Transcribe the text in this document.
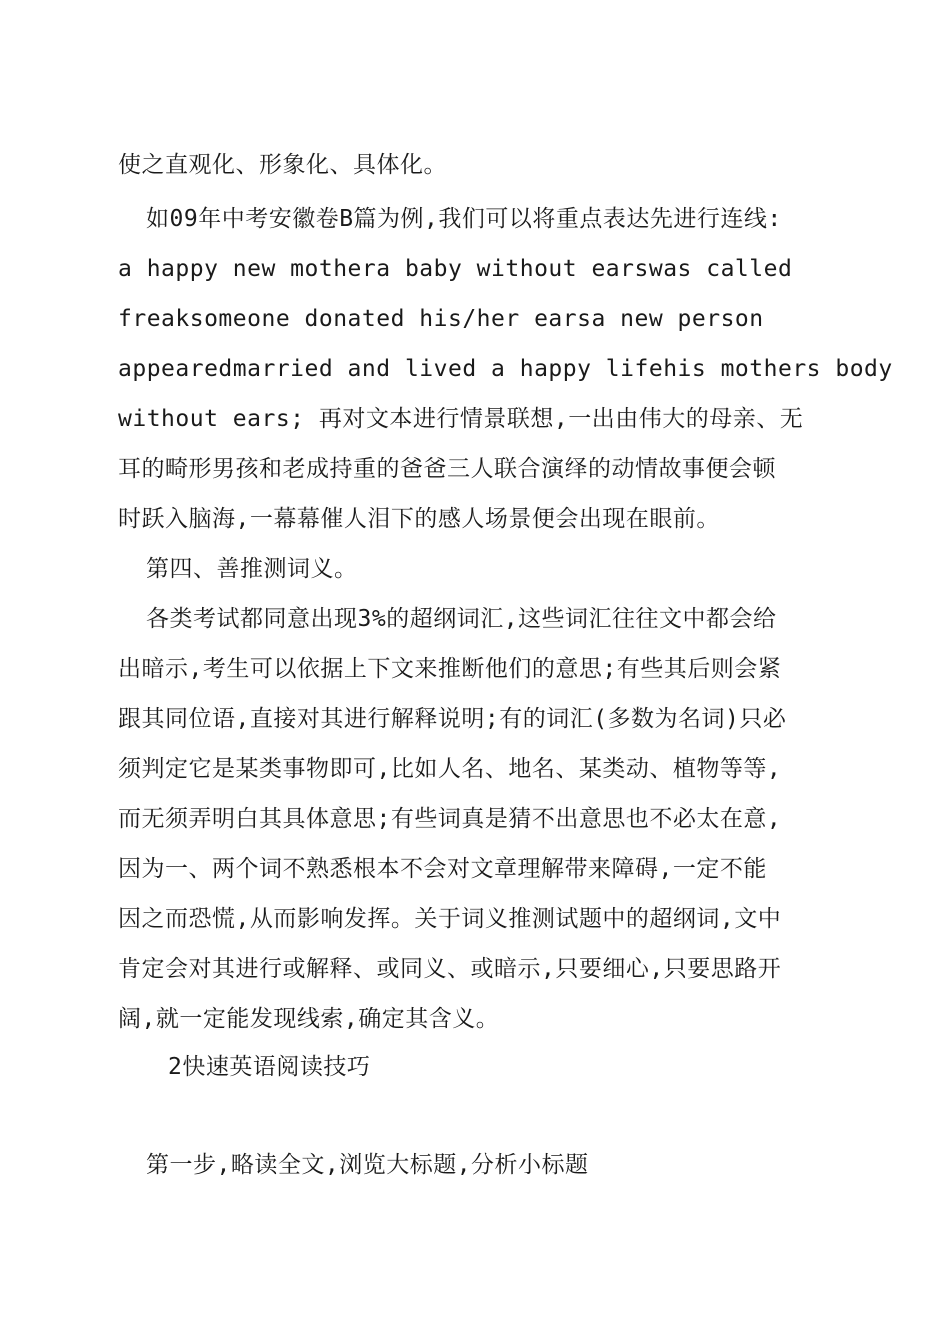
使之直观化、形象化、具体化。
如09年中考安徽卷B篇为例,我们可以将重点表达先进行连线:
a happy new mothera baby without earswas called
freaksomeone donated his/her earsa new person
appearedmarried and lived a happy lifehis mothers body
without ears; 再对文本进行情景联想,一出由伟大的母亲、无
耳的畸形男孩和老成持重的爸爸三人联合演绎的动情故事便会顿
时跃入脑海,一幕幕催人泪下的感人场景便会出现在眼前。
第四、善推测词义。
各类考试都同意出现3%的超纲词汇,这些词汇往往文中都会给
出暗示,考生可以依据上下文来推断他们的意思;有些其后则会紧
跟其同位语,直接对其进行解释说明;有的词汇(多数为名词)只必
须判定它是某类事物即可,比如人名、地名、某类动、植物等等,
而无须弄明白其具体意思;有些词真是猜不出意思也不必太在意,
因为一、两个词不熟悉根本不会对文章理解带来障碍,一定不能
因之而恐慌,从而影响发挥。关于词义推测试题中的超纲词,文中
肯定会对其进行或解释、或同义、或暗示,只要细心,只要思路开
阔,就一定能发现线索,确定其含义。
2快速英语阅读技巧
第一步,略读全文,浏览大标题,分析小标题
